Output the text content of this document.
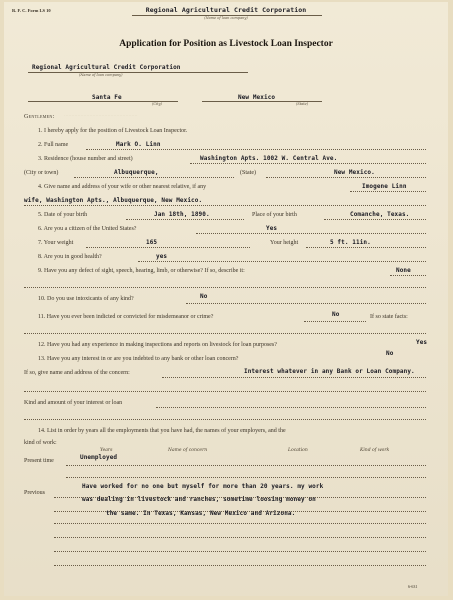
.................................................
.........................................
R. F. C. Form LS 10	Regional Agricultural Credit Corporation
(Name of loan company)
Application for Position as Livestock Loan Inspector
Regional Agricultural Credit Corporation
(Name of loan company)
Santa Fe
(City)
New Mexico
(State)
Gentlemen:
1. I hereby apply for the position of Livestock Loan Inspector.
2. Full name	Mark O. Linn
3. Residence (house number and street)	Washington Apts. 1002 W. Central Ave.
(City or town)	Albuquerque,	(State)	New Mexico.
4. Give name and address of your wife or other nearest relative, if any	Imogene Linn
wife, Washington Apts., Albuquerque, New Mexico.
5. Date of your birth	Jan 18th, 1890.	Place of your birth	Comanche, Texas.
6. Are you a citizen of the United States?	Yes
7. Your weight	165	Your height	5 ft. 11in.
8. Are you in good health?	yes
9. Have you any defect of sight, speech, hearing, limb, or otherwise? If so, describe it:	None
10. Do you use intoxicants of any kind?	No
11. Have you ever been indicted or convicted for misdemeanor or crime?	No	If so state facts:
12. Have you had any experience in making inspections and reports on livestock for loan purposes?	Yes
13. Have you any interest in or are you indebted to any bank or other loan concern?
No
If so, give name and address of the concern:	Interest whatever in any Bank or Loan Company.
Kind and amount of your interest or loan
14. List in order by years all the employments that you have had, the names of your employers, and the
kind of work:
Years	Name of concern	Location	Kind of work
Present time	Unemployed
Previous
Have worked for no one but myself for more than 20 years. my work
was dealing in livestock and ranches, sometime loosing money on
the same. In Texas, Kansas, New Mexico and Arizona.
6-631
